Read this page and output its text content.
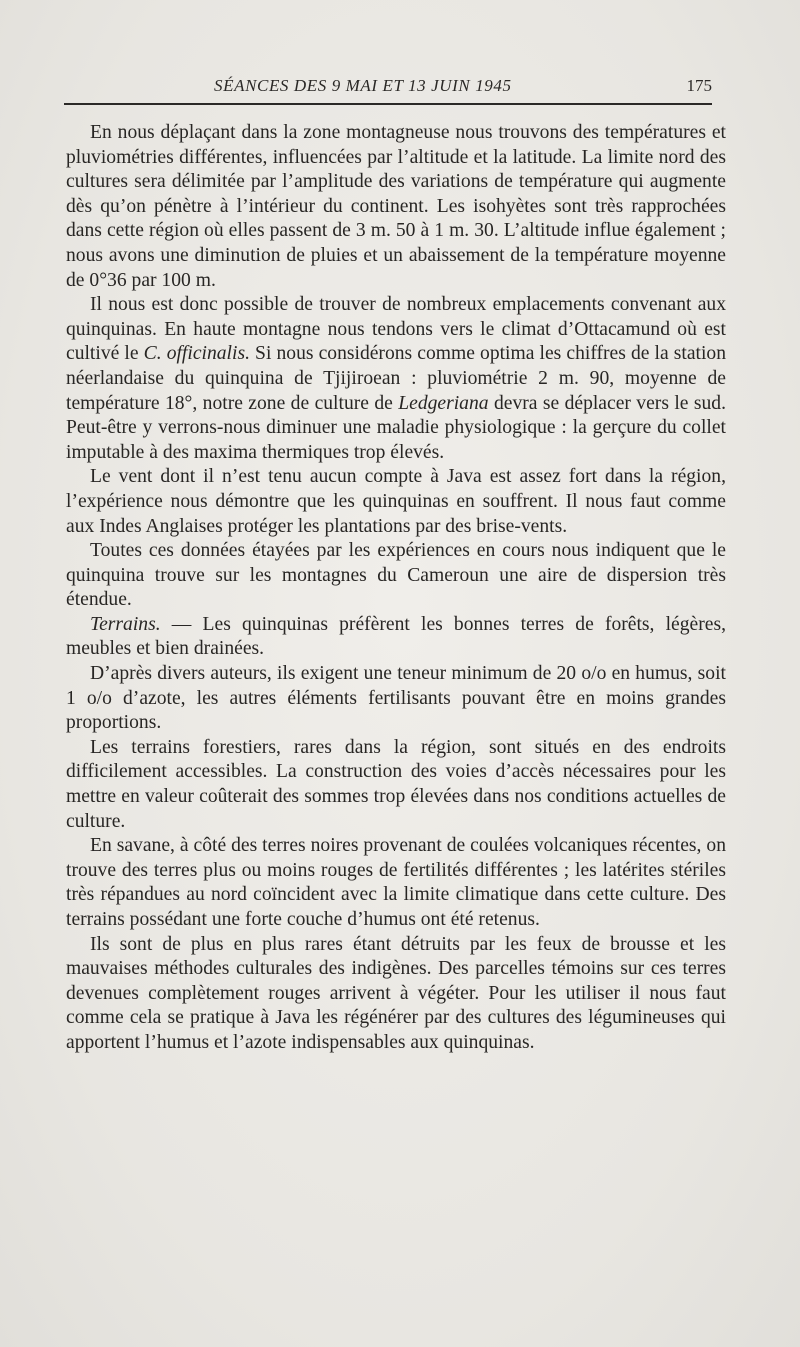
SÉANCES DES 9 MAI ET 13 JUIN 1945	175

En nous déplaçant dans la zone montagneuse nous trouvons des températures et pluviométries différentes, influencées par l’altitude et la latitude. La limite nord des cultures sera délimitée par l’amplitude des variations de température qui augmente dès qu’on pénètre à l’intérieur du continent. Les isohyètes sont très rapprochées dans cette région où elles passent de 3 m. 50 à 1 m. 30. L’altitude influe également ; nous avons une diminution de pluies et un abaissement de la température moyenne de 0°36 par 100 m.

Il nous est donc possible de trouver de nombreux emplacements convenant aux quinquinas. En haute montagne nous tendons vers le climat d’Ottacamund où est cultivé le C. officinalis. Si nous considérons comme optima les chiffres de la station néerlandaise du quinquina de Tjijiroean : pluviométrie 2 m. 90, moyenne de température 18°, notre zone de culture de Ledgeriana devra se déplacer vers le sud. Peut-être y verrons-nous diminuer une maladie physiologique : la gerçure du collet imputable à des maxima thermiques trop élevés.

Le vent dont il n’est tenu aucun compte à Java est assez fort dans la région, l’expérience nous démontre que les quinquinas en souffrent. Il nous faut comme aux Indes Anglaises protéger les plantations par des brise-vents.

Toutes ces données étayées par les expériences en cours nous indiquent que le quinquina trouve sur les montagnes du Cameroun une aire de dispersion très étendue.

Terrains. — Les quinquinas préfèrent les bonnes terres de forêts, légères, meubles et bien drainées.

D’après divers auteurs, ils exigent une teneur minimum de 20 o/o en humus, soit 1 o/o d’azote, les autres éléments fertilisants pouvant être en moins grandes proportions.

Les terrains forestiers, rares dans la région, sont situés en des endroits difficilement accessibles. La construction des voies d’accès nécessaires pour les mettre en valeur coûterait des sommes trop élevées dans nos conditions actuelles de culture.

En savane, à côté des terres noires provenant de coulées volcaniques récentes, on trouve des terres plus ou moins rouges de fertilités différentes ; les latérites stériles très répandues au nord coïncident avec la limite climatique dans cette culture. Des terrains possédant une forte couche d’humus ont été retenus.

Ils sont de plus en plus rares étant détruits par les feux de brousse et les mauvaises méthodes culturales des indigènes. Des parcelles témoins sur ces terres devenues complètement rouges arrivent à végéter. Pour les utiliser il nous faut comme cela se pratique à Java les régénérer par des cultures des légumineuses qui apportent l’humus et l’azote indispensables aux quinquinas.
